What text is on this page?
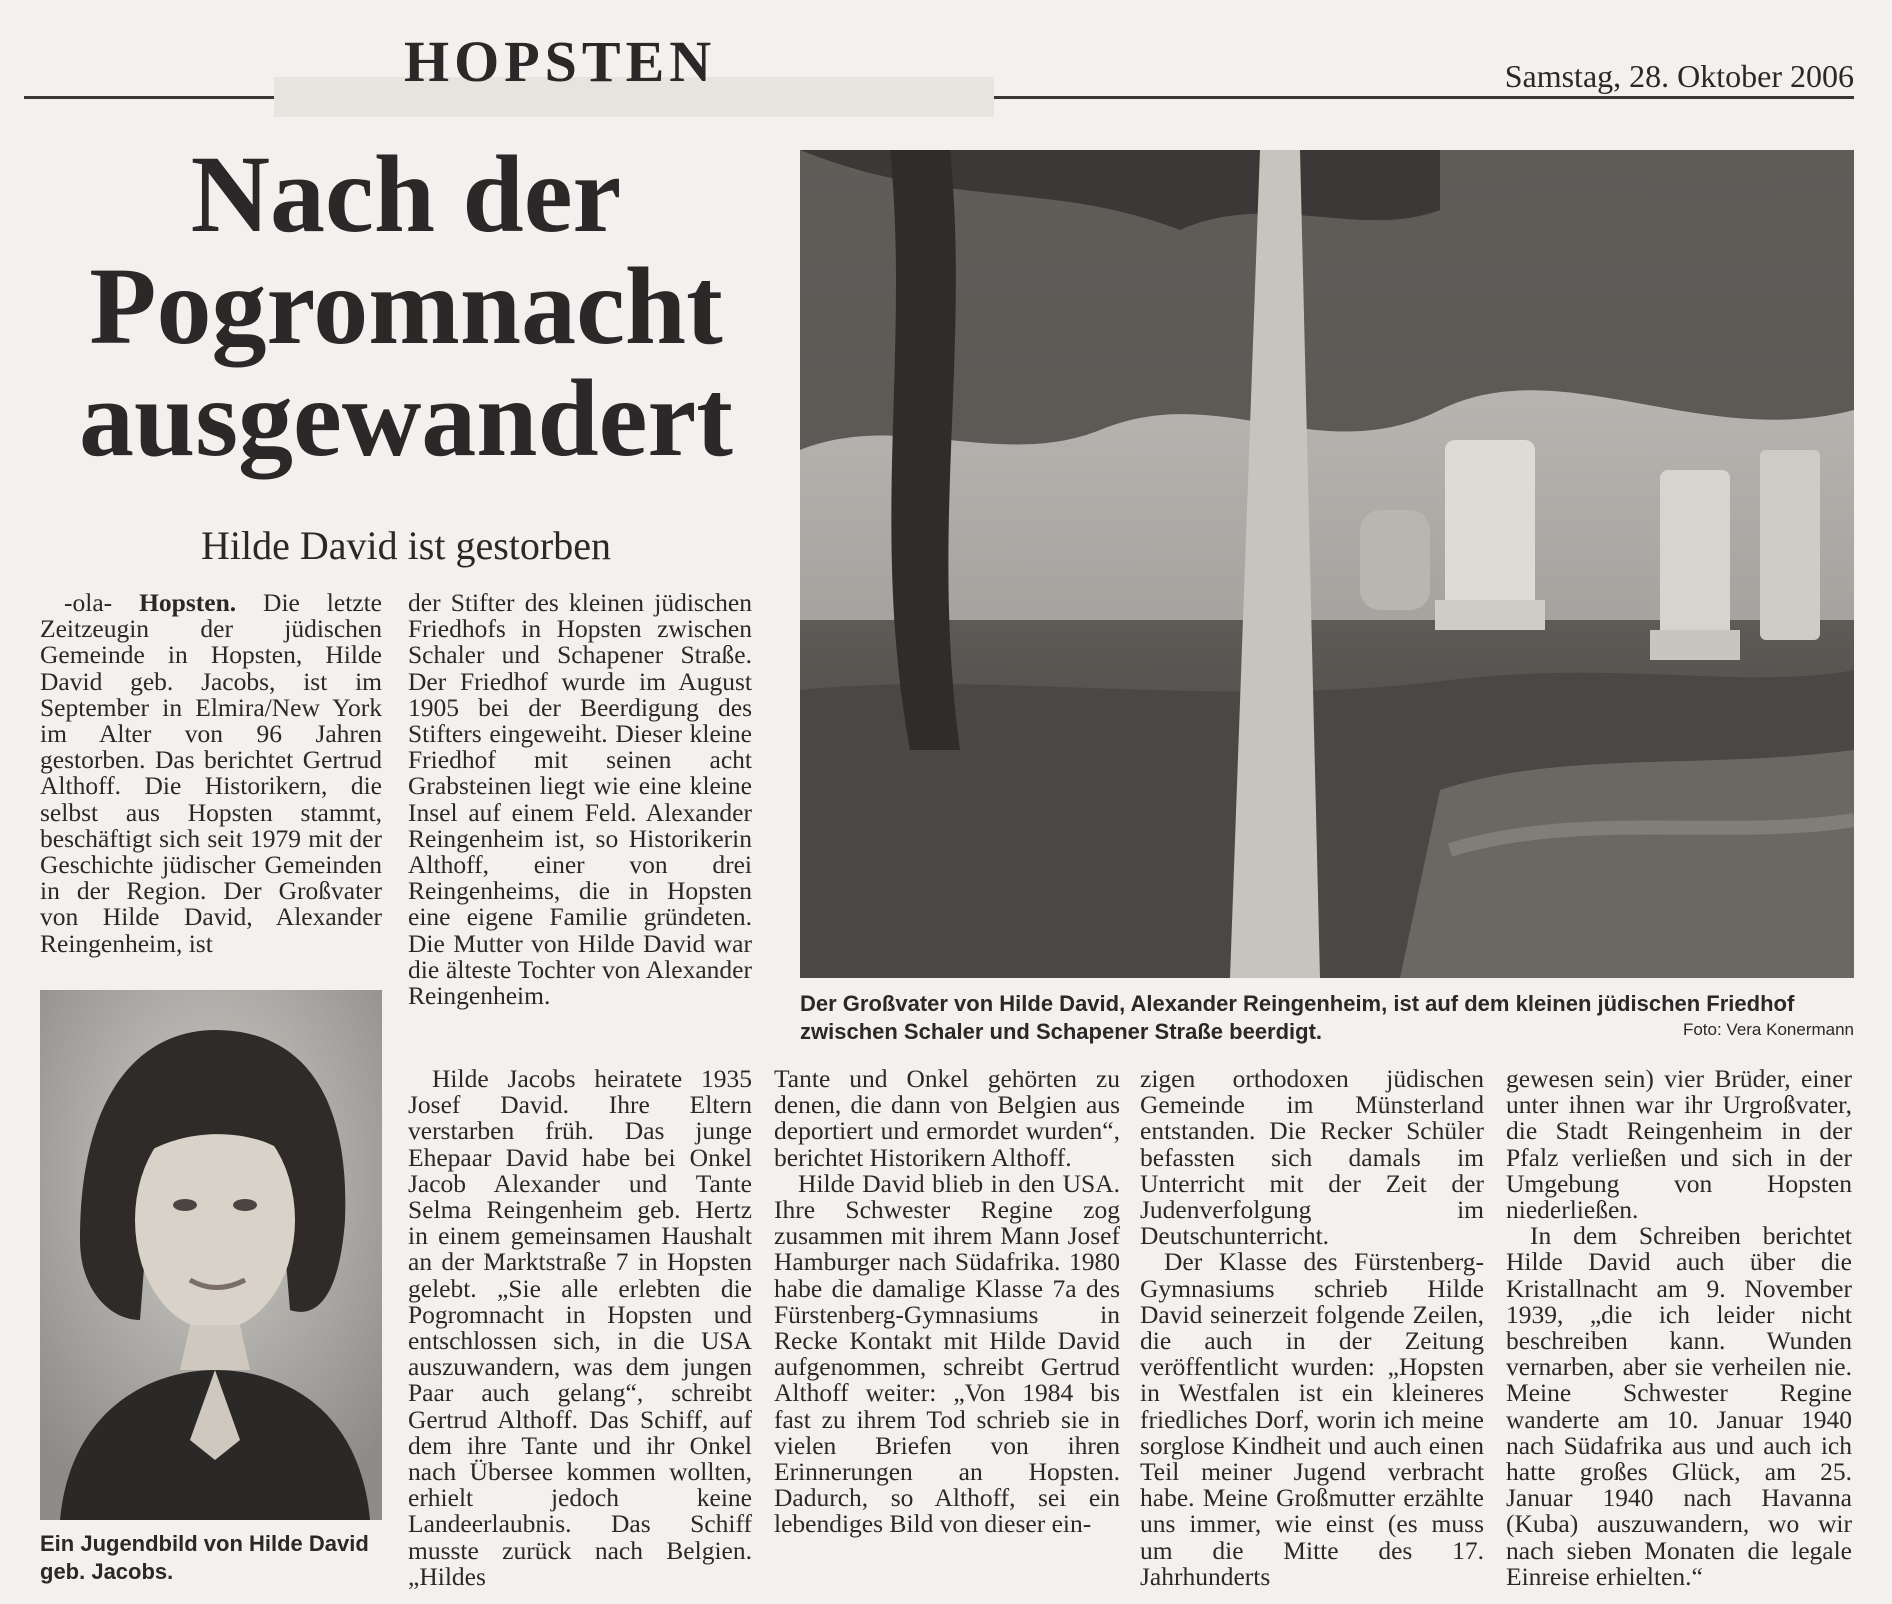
HOPSTEN	Samstag, 28. Oktober 2006
Nach der
Pogromnacht
ausgewandert
Hilde David ist gestorben

-ola- Hopsten. Die letzte Zeitzeugin der jüdischen Gemeinde in Hopsten, Hilde David geb. Jacobs, ist im September in Elmira/New York im Alter von 96 Jahren gestorben. Das berichtet Gertrud Althoff. Die Historikern, die selbst aus Hopsten stammt, beschäftigt sich seit 1979 mit der Geschichte jüdischer Gemeinden in der Region. Der Großvater von Hilde David, Alexander Reingenheim, ist

Ein Jugendbild von Hilde David geb. Jacobs.

der Stifter des kleinen jüdischen Friedhofs in Hopsten zwischen Schaler und Schapener Straße. Der Friedhof wurde im August 1905 bei der Beerdigung des Stifters eingeweiht. Dieser kleine Friedhof mit seinen acht Grabsteinen liegt wie eine kleine Insel auf einem Feld. Alexander Reingenheim ist, so Historikerin Althoff, einer von drei Reingenheims, die in Hopsten eine eigene Familie gründeten. Die Mutter von Hilde David war die älteste Tochter von Alexander Reingenheim.	Der Großvater von Hilde David, Alexander Reingenheim, ist auf dem kleinen jüdischen Friedhof zwischen Schaler und Schapener Straße beerdigt.	Foto: Vera Konermann

Hilde Jacobs heiratete 1935 Josef David. Ihre Eltern verstarben früh. Das junge Ehepaar David habe bei Onkel Jacob Alexander und Tante Selma Reingenheim geb. Hertz in einem gemeinsamen Haushalt an der Marktstraße 7 in Hopsten gelebt. „Sie alle erlebten die Pogromnacht in Hopsten und entschlossen sich, in die USA auszuwandern, was dem jungen Paar auch gelang“, schreibt Gertrud Althoff. Das Schiff, auf dem ihre Tante und ihr Onkel nach Übersee kommen wollten, erhielt jedoch keine Landeerlaubnis. Das Schiff musste zurück nach Belgien. „Hildes

Tante und Onkel gehörten zu denen, die dann von Belgien aus deportiert und ermordet wurden“, berichtet Historikern Althoff.

Hilde David blieb in den USA. Ihre Schwester Regine zog zusammen mit ihrem Mann Josef Hamburger nach Südafrika. 1980 habe die damalige Klasse 7a des Fürstenberg-Gymnasiums in Recke Kontakt mit Hilde David aufgenommen, schreibt Gertrud Althoff weiter: „Von 1984 bis fast zu ihrem Tod schrieb sie in vielen Briefen von ihren Erinnerungen an Hopsten. Dadurch, so Althoff, sei ein lebendiges Bild von dieser ein-

zigen orthodoxen jüdischen Gemeinde im Münsterland entstanden. Die Recker Schüler befassten sich damals im Unterricht mit der Zeit der Judenverfolgung im Deutschunterricht.

Der Klasse des Fürstenberg-Gymnasiums schrieb Hilde David seinerzeit folgende Zeilen, die auch in der Zeitung veröffentlicht wurden: „Hopsten in Westfalen ist ein kleineres friedliches Dorf, worin ich meine sorglose Kindheit und auch einen Teil meiner Jugend verbracht habe. Meine Großmutter erzählte uns immer, wie einst (es muss um die Mitte des 17. Jahrhunderts

gewesen sein) vier Brüder, einer unter ihnen war ihr Urgroßvater, die Stadt Reingenheim in der Pfalz verließen und sich in der Umgebung von Hopsten niederließen.

In dem Schreiben berichtet Hilde David auch über die Kristallnacht am 9. November 1939, „die ich leider nicht beschreiben kann. Wunden vernarben, aber sie verheilen nie. Meine Schwester Regine wanderte am 10. Januar 1940 nach Südafrika aus und auch ich hatte großes Glück, am 25. Januar 1940 nach Havanna (Kuba) auszuwandern, wo wir nach sieben Monaten die legale Einreise erhielten.“
